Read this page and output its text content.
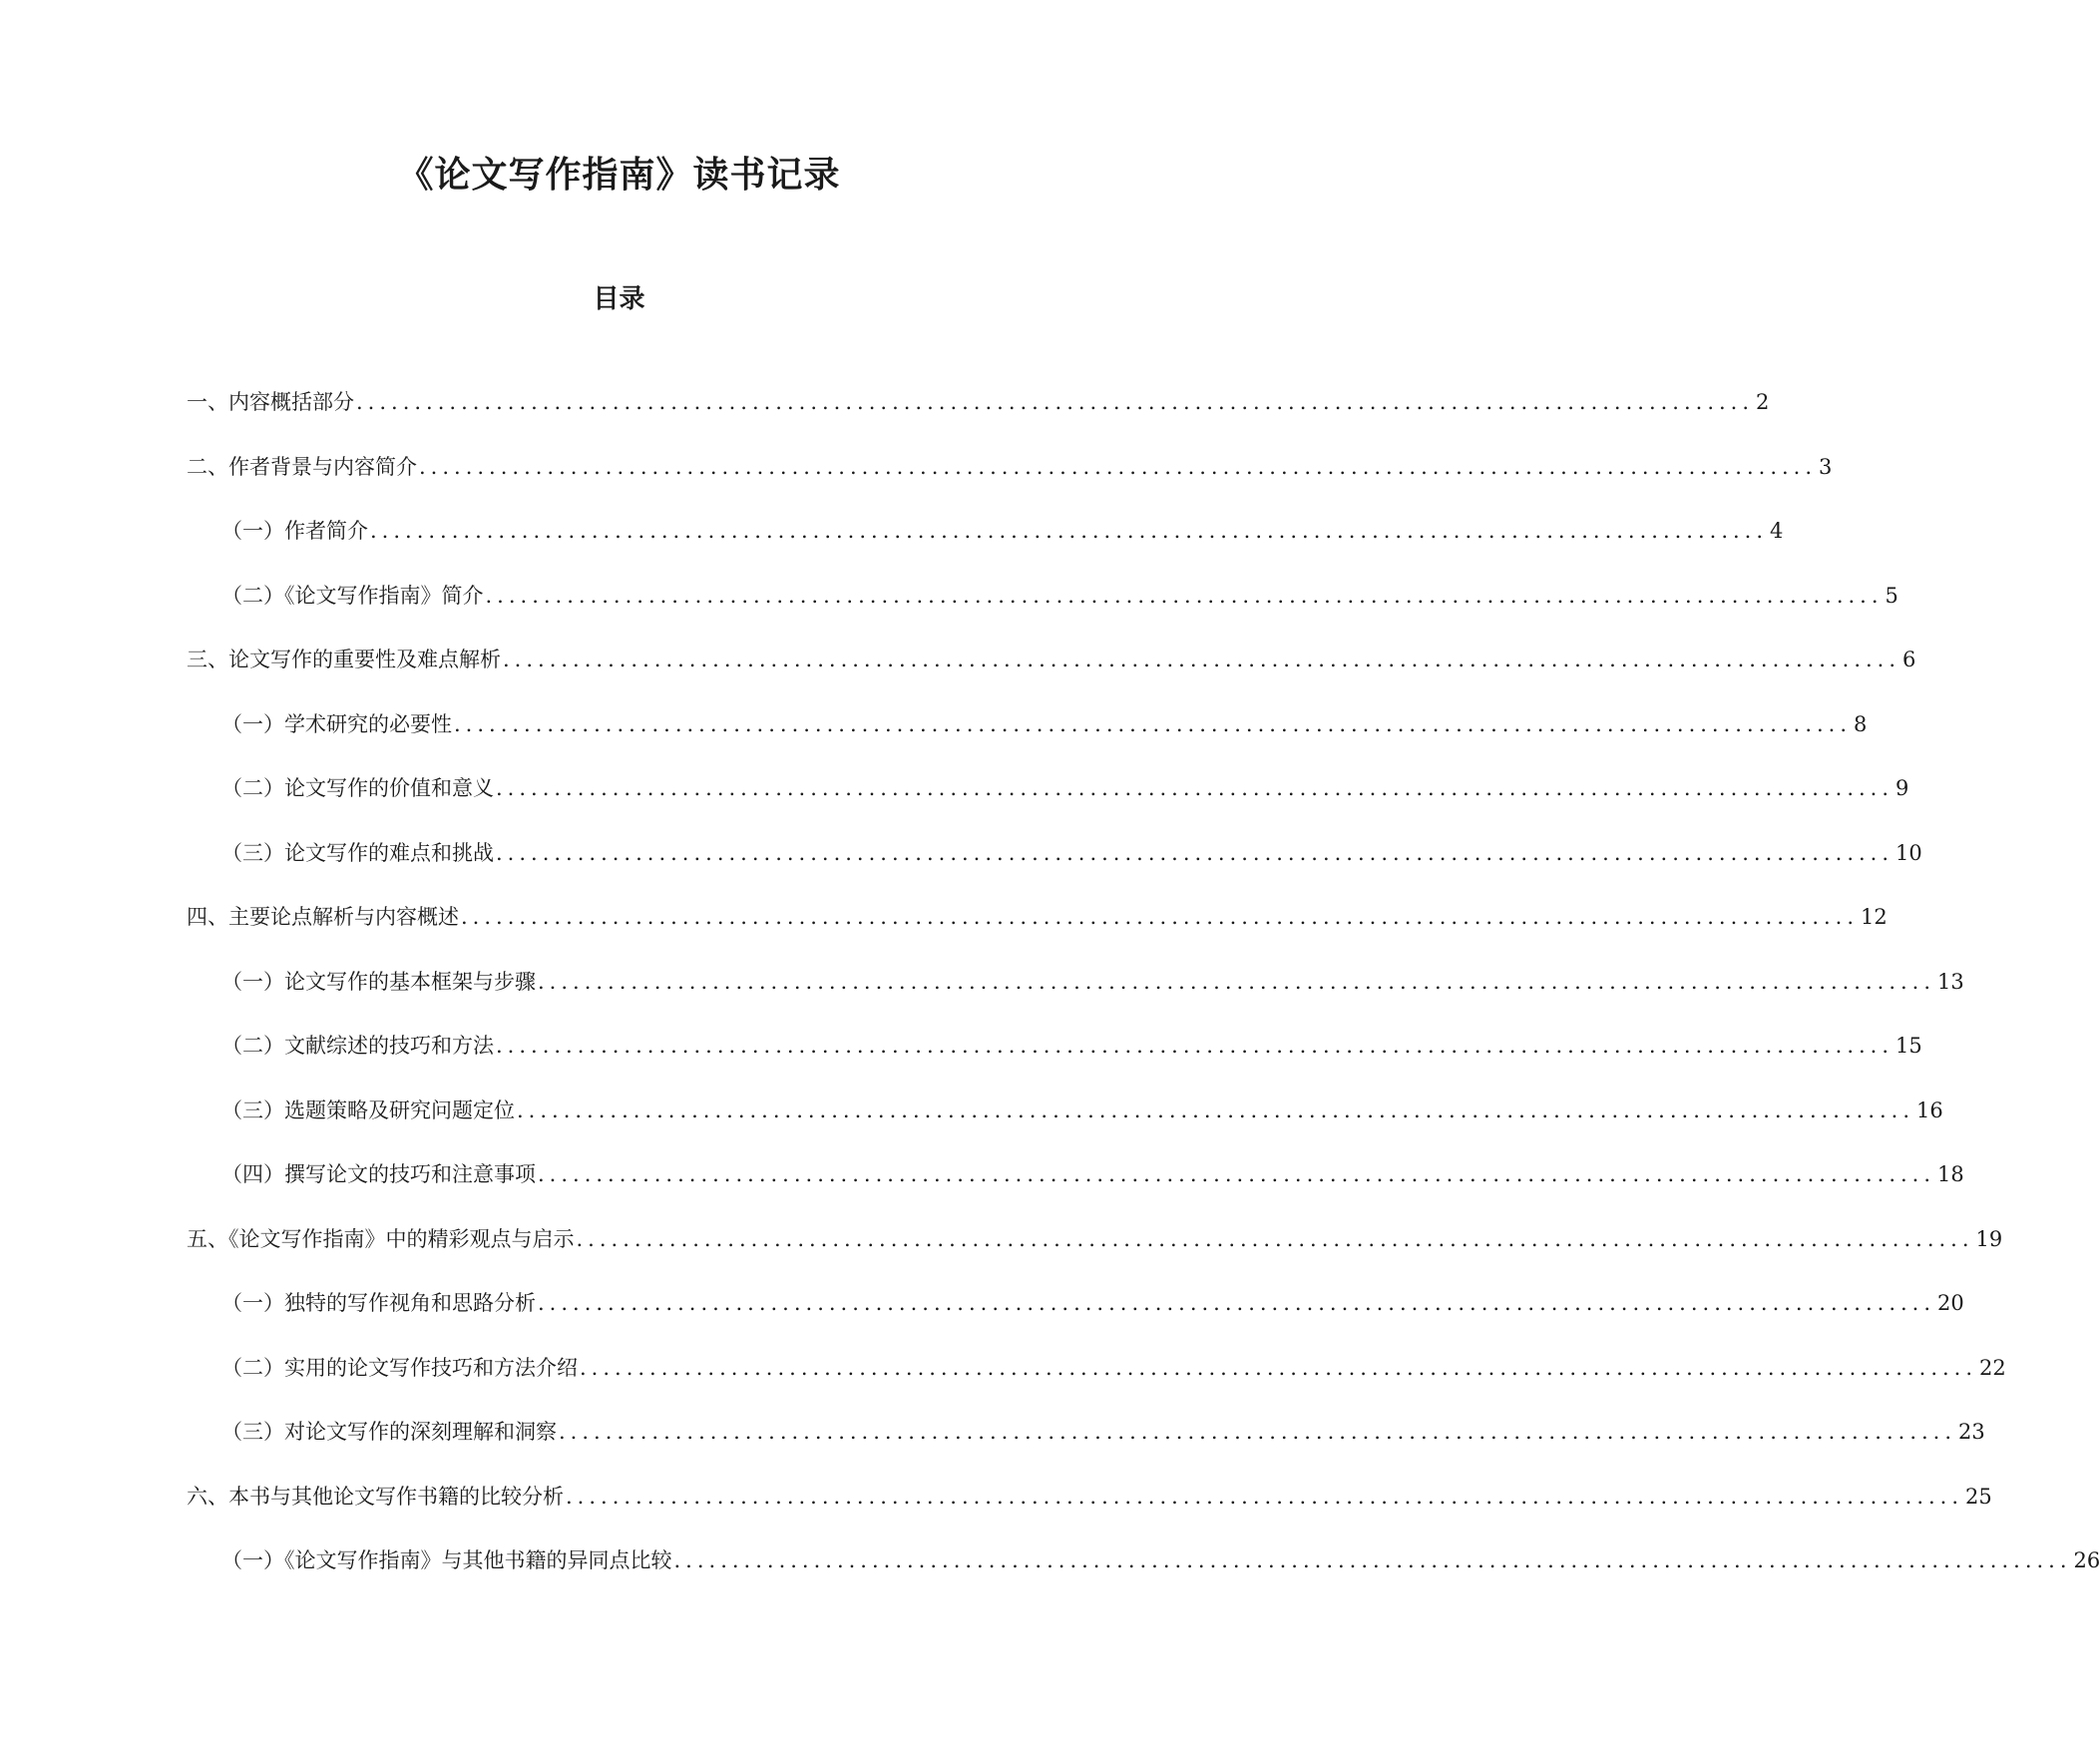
《论文写作指南》读书记录
目录
一、内容概括部分 ........................................................................................................................ 2
二、作者背景与内容简介 ........................................................................................................................ 3
（一）作者简介 ........................................................................................................................ 4
（二）《论文写作指南》简介 ........................................................................................................................ 5
三、论文写作的重要性及难点解析 ........................................................................................................................ 6
（一）学术研究的必要性 ........................................................................................................................ 8
（二）论文写作的价值和意义 ........................................................................................................................ 9
（三）论文写作的难点和挑战 ........................................................................................................................ 10
四、主要论点解析与内容概述 ........................................................................................................................ 12
（一）论文写作的基本框架与步骤 ........................................................................................................................ 13
（二）文献综述的技巧和方法 ........................................................................................................................ 15
（三）选题策略及研究问题定位 ........................................................................................................................ 16
（四）撰写论文的技巧和注意事项 ........................................................................................................................ 18
五、《论文写作指南》中的精彩观点与启示 ........................................................................................................................ 19
（一）独特的写作视角和思路分析 ........................................................................................................................ 20
（二）实用的论文写作技巧和方法介绍 ........................................................................................................................ 22
（三）对论文写作的深刻理解和洞察 ........................................................................................................................ 23
六、本书与其他论文写作书籍的比较分析 ........................................................................................................................ 25
（一）《论文写作指南》与其他书籍的异同点比较 ........................................................................................................................ 26
